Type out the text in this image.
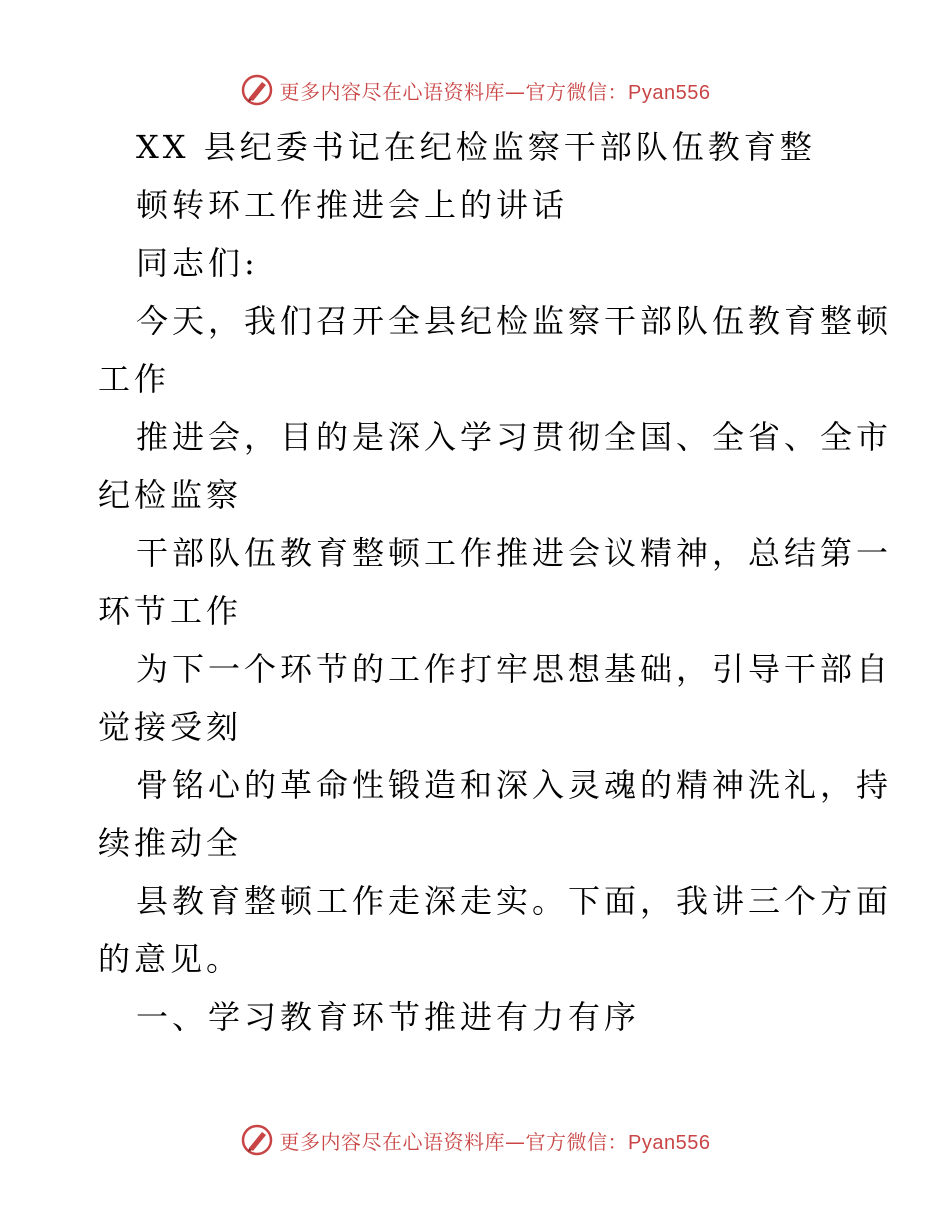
更多内容尽在心语资料库—官方微信：Pyan556
XX 县纪委书记在纪检监察干部队伍教育整
顿转环工作推进会上的讲话
同志们:
今天，我们召开全县纪检监察干部队伍教育整顿
工作
推进会，目的是深入学习贯彻全国、全省、全市
纪检监察
干部队伍教育整顿工作推进会议精神，总结第一
环节工作
为下一个环节的工作打牢思想基础，引导干部自
觉接受刻
骨铭心的革命性锻造和深入灵魂的精神洗礼，持
续推动全
县教育整顿工作走深走实。下面，我讲三个方面
的意见。
一、学习教育环节推进有力有序
更多内容尽在心语资料库—官方微信：Pyan556
